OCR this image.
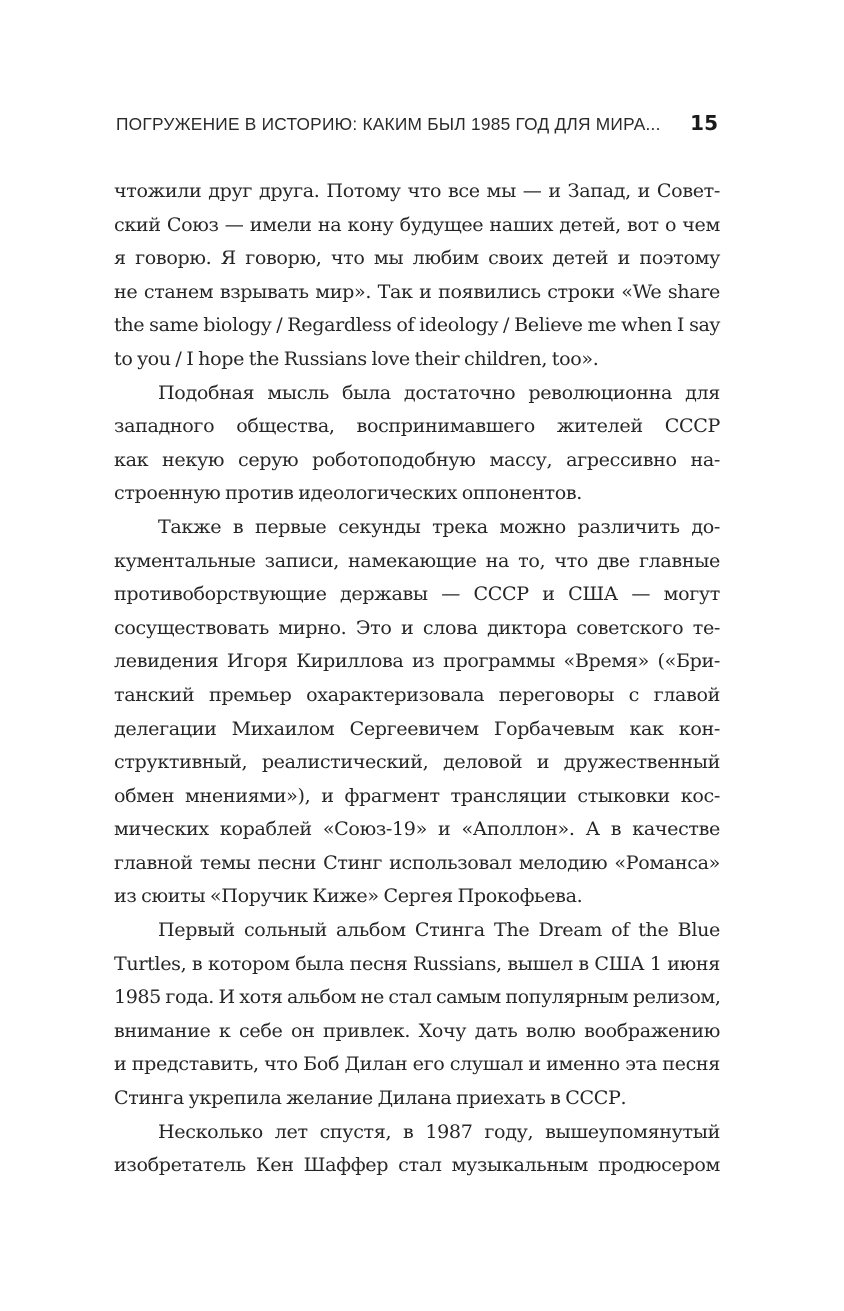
ПОГРУЖЕНИЕ В ИСТОРИЮ: КАКИМ БЫЛ 1985 ГОД ДЛЯ МИРА... 15
чтожили друг друга. Потому что все мы — и Запад, и Совет-
ский Союз — имели на кону будущее наших детей, вот о чем
я говорю. Я говорю, что мы любим своих детей и поэтому
не станем взрывать мир». Так и появились строки «We share
the same biology / Regardless of ideology / Believe me when I say
to you / I hope the Russians love their children, too».
Подобная мысль была достаточно революционна для
западного общества, воспринимавшего жителей СССР
как некую серую роботоподобную массу, агрессивно на-
строенную против идеологических оппонентов.
Также в первые секунды трека можно различить до-
кументальные записи, намекающие на то, что две главные
противоборствующие державы — СССР и США — могут
сосуществовать мирно. Это и слова диктора советского те-
левидения Игоря Кириллова из программы «Время» («Бри-
танский премьер охарактеризовала переговоры с главой
делегации Михаилом Сергеевичем Горбачевым как кон-
структивный, реалистический, деловой и дружественный
обмен мнениями»), и фрагмент трансляции стыковки кос-
мических кораблей «Союз-19» и «Аполлон». А в качестве
главной темы песни Стинг использовал мелодию «Романса»
из сюиты «Поручик Киже» Сергея Прокофьева.
Первый сольный альбом Стинга The Dream of the Blue
Turtles, в котором была песня Russians, вышел в США 1 июня
1985 года. И хотя альбом не стал самым популярным релизом,
внимание к себе он привлек. Хочу дать волю воображению
и представить, что Боб Дилан его слушал и именно эта песня
Стинга укрепила желание Дилана приехать в СССР.
Несколько лет спустя, в 1987 году, вышеупомянутый
изобретатель Кен Шаффер стал музыкальным продюсером
